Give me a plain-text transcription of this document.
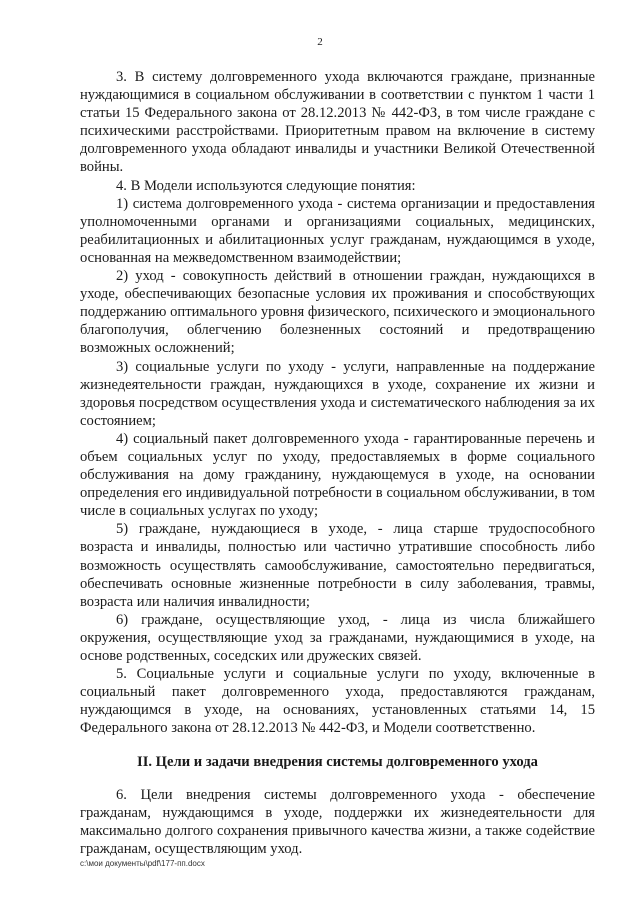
2

3. В систему долговременного ухода включаются граждане, признанные нуждающимися в социальном обслуживании в соответствии с пунктом 1 части 1 статьи 15 Федерального закона от 28.12.2013 № 442-ФЗ, в том числе граждане с психическими расстройствами. Приоритетным правом на включение в систему долговременного ухода обладают инвалиды и участники Великой Отечественной войны.

4. В Модели используются следующие понятия:

1) система долговременного ухода - система организации и предоставления уполномоченными органами и организациями социальных, медицинских, реабилитационных и абилитационных услуг гражданам, нуждающимся в уходе, основанная на межведомственном взаимодействии;

2) уход - совокупность действий в отношении граждан, нуждающихся в уходе, обеспечивающих безопасные условия их проживания и способствующих поддержанию оптимального уровня физического, психического и эмоционального благополучия, облегчению болезненных состояний и предотвращению возможных осложнений;

3) социальные услуги по уходу - услуги, направленные на поддержание жизнедеятельности граждан, нуждающихся в уходе, сохранение их жизни и здоровья посредством осуществления ухода и систематического наблюдения за их состоянием;

4) социальный пакет долговременного ухода - гарантированные перечень и объем социальных услуг по уходу, предоставляемых в форме социального обслуживания на дому гражданину, нуждающемуся в уходе, на основании определения его индивидуальной потребности в социальном обслуживании, в том числе в социальных услугах по уходу;

5) граждане, нуждающиеся в уходе, - лица старше трудоспособного возраста и инвалиды, полностью или частично утратившие способность либо возможность осуществлять самообслуживание, самостоятельно передвигаться, обеспечивать основные жизненные потребности в силу заболевания, травмы, возраста или наличия инвалидности;

6) граждане, осуществляющие уход, - лица из числа ближайшего окружения, осуществляющие уход за гражданами, нуждающимися в уходе, на основе родственных, соседских или дружеских связей.

5. Социальные услуги и социальные услуги по уходу, включенные в социальный пакет долговременного ухода, предоставляются гражданам, нуждающимся в уходе, на основаниях, установленных статьями 14, 15 Федерального закона от 28.12.2013 № 442-ФЗ, и Модели соответственно.

II. Цели и задачи внедрения системы долговременного ухода

6. Цели внедрения системы долговременного ухода - обеспечение гражданам, нуждающимся в уходе, поддержки их жизнедеятельности для максимально долгого сохранения привычного качества жизни, а также содействие гражданам, осуществляющим уход.

c:\мои документы\pdf\177-пп.docx
